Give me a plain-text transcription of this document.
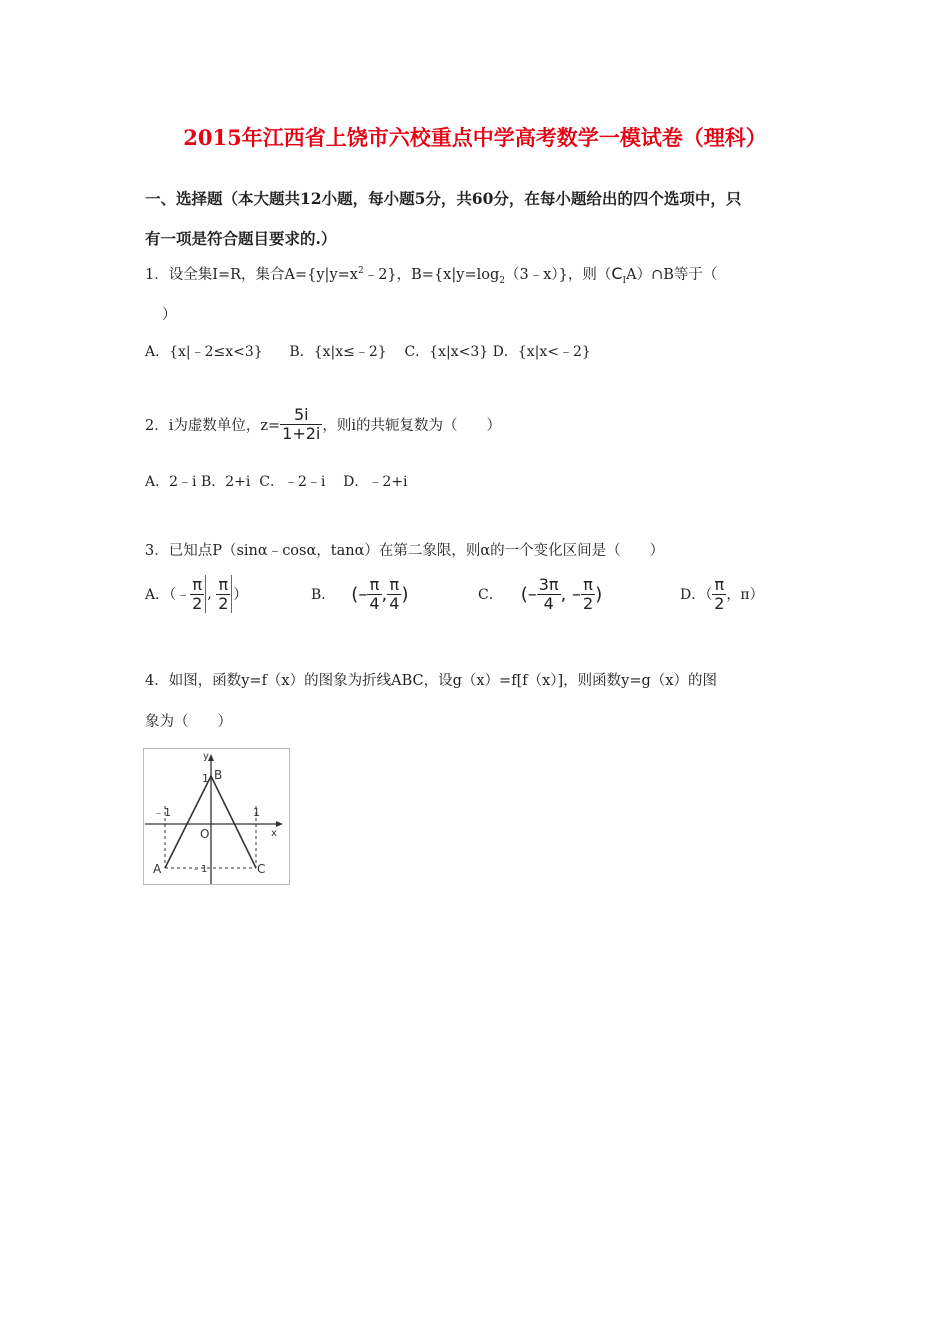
2015年江西省上饶市六校重点中学高考数学一模试卷（理科）
一、选择题（本大题共12小题，每小题5分，共60分，在每小题给出的四个选项中，只
有一项是符合题目要求的.）
1．设全集I=R，集合$A=\{y|y=x^2﹣2\}$，$B=\{x|y=\log_2(3﹣x)\}$，则$(C_IA)\cap B$等于（
）
A．{x|﹣2≤x<3}      B．{x|x≤﹣2}    C．{x|x<3} D．{x|x<﹣2}
2．i为虚数单位，$z= \frac{5i}{1+2i}$ ，则i的共轭复数为（　　）
A．2﹣i B．2+i  C．﹣2﹣i    D．﹣2+i
3．已知点P（sinα﹣cosα，tanα）在第二象限，则α的一个变化区间是（　　）
A．（﹣ $\frac{\pi}{2}$ , $\frac{\pi}{2}$ ）	B． ( – $\frac{\pi}{4}$ , $\frac{\pi}{4}$ )	C． ( – $\frac{3\pi}{4}$ , – $\frac{\pi}{2}$ )	D．（ $\frac{\pi}{2}$ ，π）
4．如图，函数y=f（x）的图象为折线ABC，设g（x）=f[f（x）]，则函数y=g（x）的图
象为（　　）
y
x
1 B
﹣1	1
O
A	C
﹣1
